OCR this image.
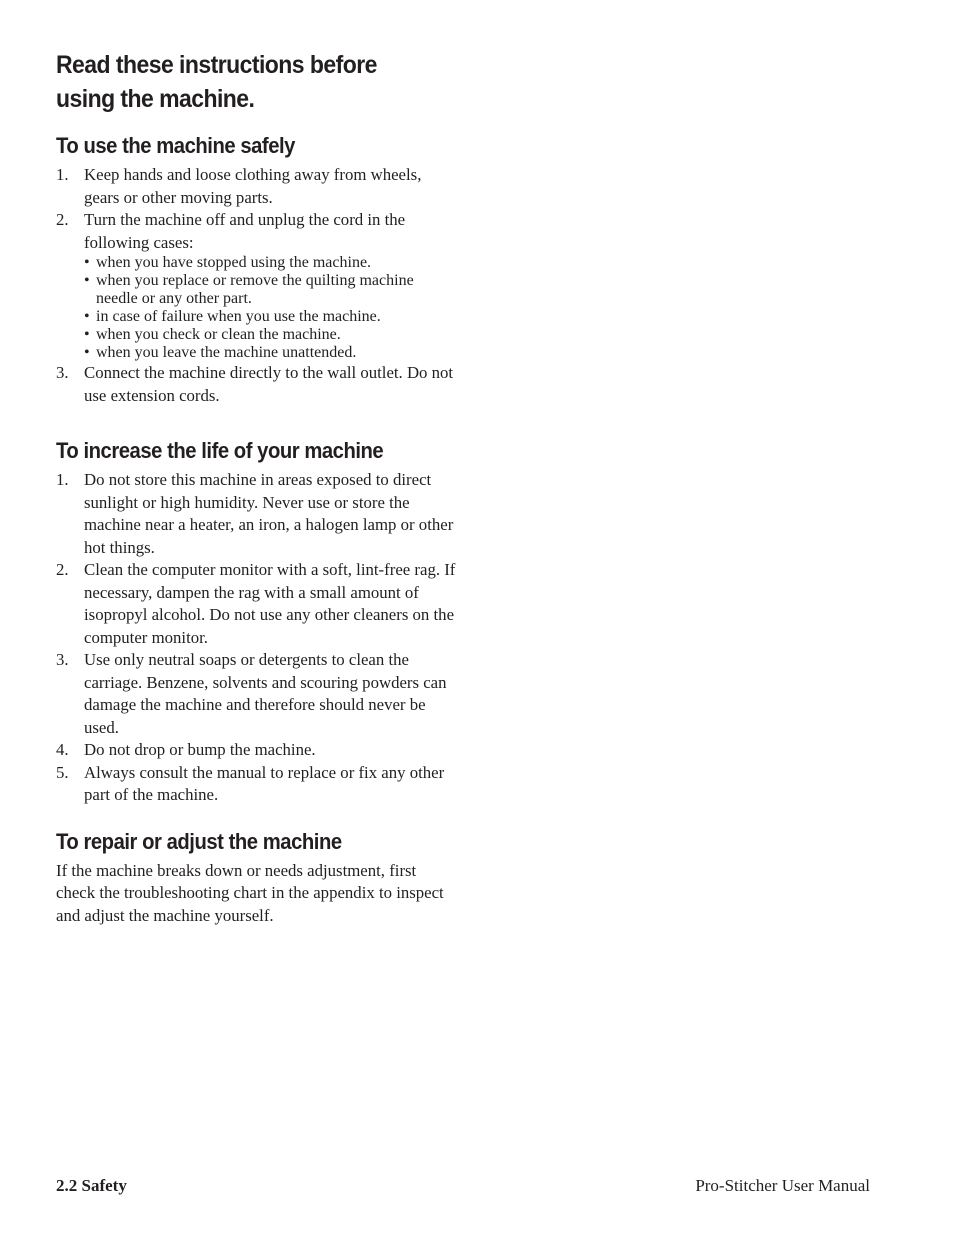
Read these instructions before using the machine.
To use the machine safely
1. Keep hands and loose clothing away from wheels, gears or other moving parts.
2. Turn the machine off and unplug the cord in the following cases:
• when you have stopped using the machine.
• when you replace or remove the quilting machine needle or any other part.
• in case of failure when you use the machine.
• when you check or clean the machine.
• when you leave the machine unattended.
3. Connect the machine directly to the wall outlet. Do not use extension cords.
To increase the life of your machine
1. Do not store this machine in areas exposed to direct sunlight or high humidity. Never use or store the machine near a heater, an iron, a halogen lamp or other hot things.
2. Clean the computer monitor with a soft, lint-free rag. If necessary, dampen the rag with a small amount of isopropyl alcohol. Do not use any other cleaners on the computer monitor.
3. Use only neutral soaps or detergents to clean the carriage. Benzene, solvents and scouring powders can damage the machine and therefore should never be used.
4. Do not drop or bump the machine.
5. Always consult the manual to replace or fix any other part of the machine.
To repair or adjust the machine

If the machine breaks down or needs adjustment, first check the troubleshooting chart in the appendix to inspect and adjust the machine yourself.

2.2 Safety	Pro-Stitcher User Manual
